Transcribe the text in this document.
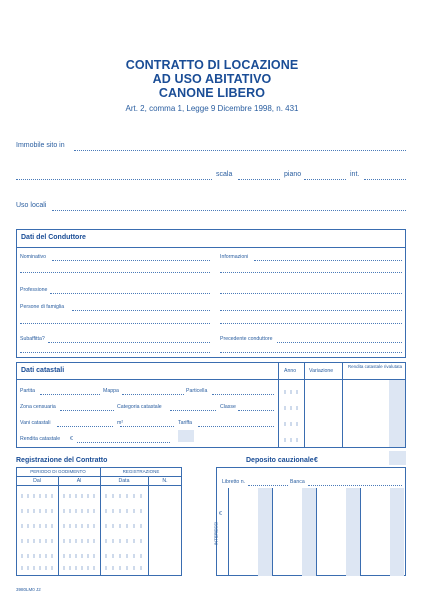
CONTRATTO DI LOCAZIONE
AD USO ABITATIVO
CANONE LIBERO
Art. 2, comma 1, Legge 9 Dicembre 1998, n. 431
Immobile sito in
scala	piano	int.
Uso locali
Dati del Conduttore
Nominativo	Informazioni
Professione
Persone di famiglia
Subaffitta?	Precedente conduttore
Dati catastali	Anno Variazione
Rendita catastale rivalutata
Partita	Mappa	Particella
Zona censuaria	Categoria catastale	Classe
Vani catastali	m²	Tariffa
Rendita catastale €
Registrazione del Contratto
PERIODO DI GODIMENTO	REGISTRAZIONE
Dal	Al	Data	N.
Deposito cauzionale €
Libretto n.	Banca
INTERESSI
€
3980LM0 J2
